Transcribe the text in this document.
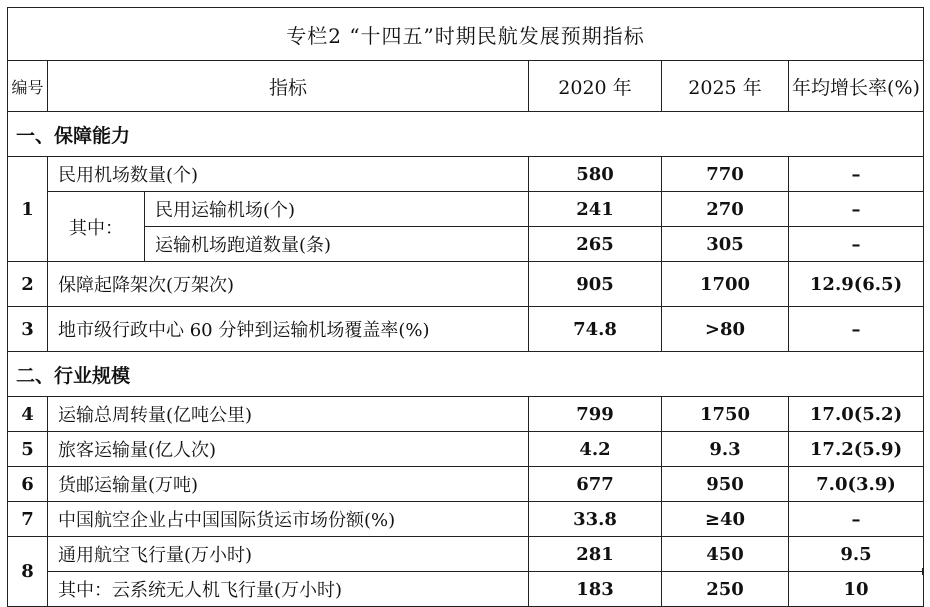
专栏2 “十四五”时期民航发展预期指标					
编号	指标		2020 年	2025 年	年均增长率(%)
一、保障能力					
1	民用机场数量(个)		580	770	–
	其中：	民用运输机场(个)	241	270	–
		运输机场跑道数量(条)	265	305	–
2	保障起降架次(万架次)		905	1700	12.9(6.5)
3	地市级行政中心 60 分钟到运输机场覆盖率(%)		74.8	>80	–
二、行业规模					
4	运输总周转量(亿吨公里)		799	1750	17.0(5.2)
5	旅客运输量(亿人次)		4.2	9.3	17.2(5.9)
6	货邮运输量(万吨)		677	950	7.0(3.9)
7	中国航空企业占中国国际货运市场份额(%)		33.8	≥40	–
8	通用航空飞行量(万小时)		281	450	9.5
	其中：云系统无人机飞行量(万小时)		183	250	10
